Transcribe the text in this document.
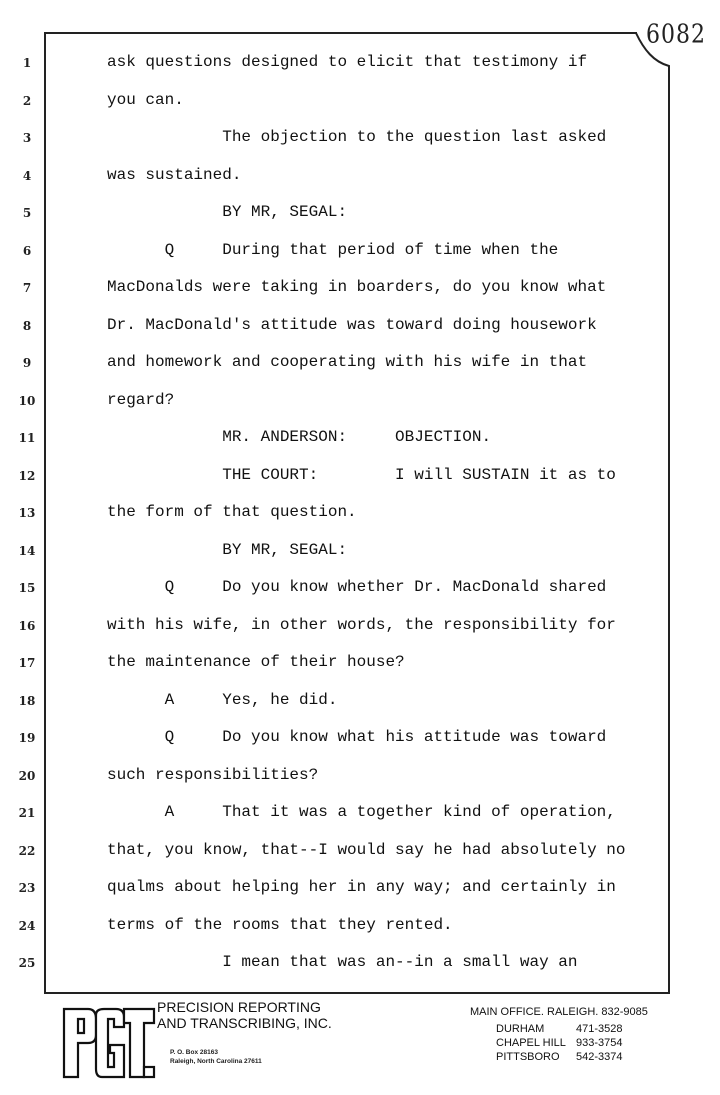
6082
1	ask questions designed to elicit that testimony if
2	you can.
3	The objection to the question last asked
4	was sustained.
5	BY MR, SEGAL:
6	Q     During that period of time when the
7	MacDonalds were taking in boarders, do you know what
8	Dr. MacDonald's attitude was toward doing housework
9	and homework and cooperating with his wife in that
10	regard?
11	MR. ANDERSON:     OBJECTION.
12	THE COURT:        I will SUSTAIN it as to
13	the form of that question.
14	BY MR, SEGAL:
15	Q     Do you know whether Dr. MacDonald shared
16	with his wife, in other words, the responsibility for
17	the maintenance of their house?
18	A     Yes, he did.
19	Q     Do you know what his attitude was toward
20	such responsibilities?
21	A     That it was a together kind of operation,
22	that, you know, that--I would say he had absolutely no
23	qualms about helping her in any way; and certainly in
24	terms of the rooms that they rented.
25	I mean that was an--in a small way an
PRECISION REPORTING
AND TRANSCRIBING, INC.
P. O. Box 28163
Raleigh, North Carolina 27611
MAIN OFFICE. RALEIGH. 832-9085
DURHAM	471-3528
CHAPEL HILL 933-3754
PITTSBORO	542-3374
